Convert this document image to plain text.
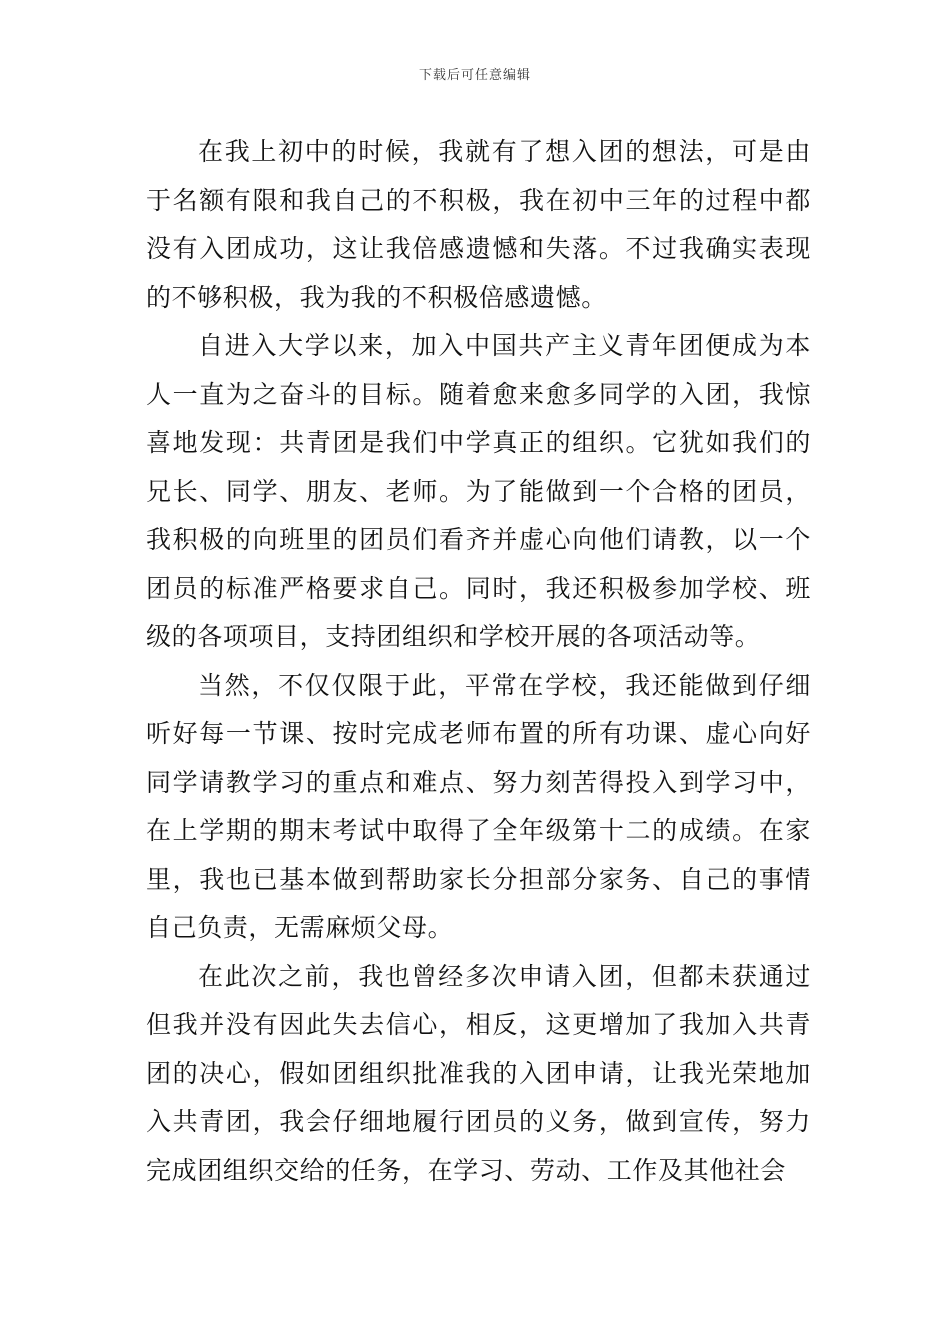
下载后可任意编辑

在我上初中的时候，我就有了想入团的想法，可是由于名额有限和我自己的不积极，我在初中三年的过程中都没有入团成功，这让我倍感遗憾和失落。不过我确实表现的不够积极，我为我的不积极倍感遗憾。

自进入大学以来，加入中国共产主义青年团便成为本人一直为之奋斗的目标。随着愈来愈多同学的入团，我惊喜地发现：共青团是我们中学真正的组织。它犹如我们的兄长、同学、朋友、老师。为了能做到一个合格的团员，我积极的向班里的团员们看齐并虚心向他们请教，以一个团员的标准严格要求自己。同时，我还积极参加学校、班级的各项项目，支持团组织和学校开展的各项活动等。

当然，不仅仅限于此，平常在学校，我还能做到仔细听好每一节课、按时完成老师布置的所有功课、虚心向好同学请教学习的重点和难点、努力刻苦得投入到学习中，在上学期的期末考试中取得了全年级第十二的成绩。在家里，我也已基本做到帮助家长分担部分家务、自己的事情自己负责，无需麻烦父母。

在此次之前，我也曾经多次申请入团，但都未获通过但我并没有因此失去信心，相反，这更增加了我加入共青团的决心，假如团组织批准我的入团申请，让我光荣地加入共青团，我会仔细地履行团员的义务，做到宣传，努力完成团组织交给的任务，在学习、劳动、工作及其他社会
